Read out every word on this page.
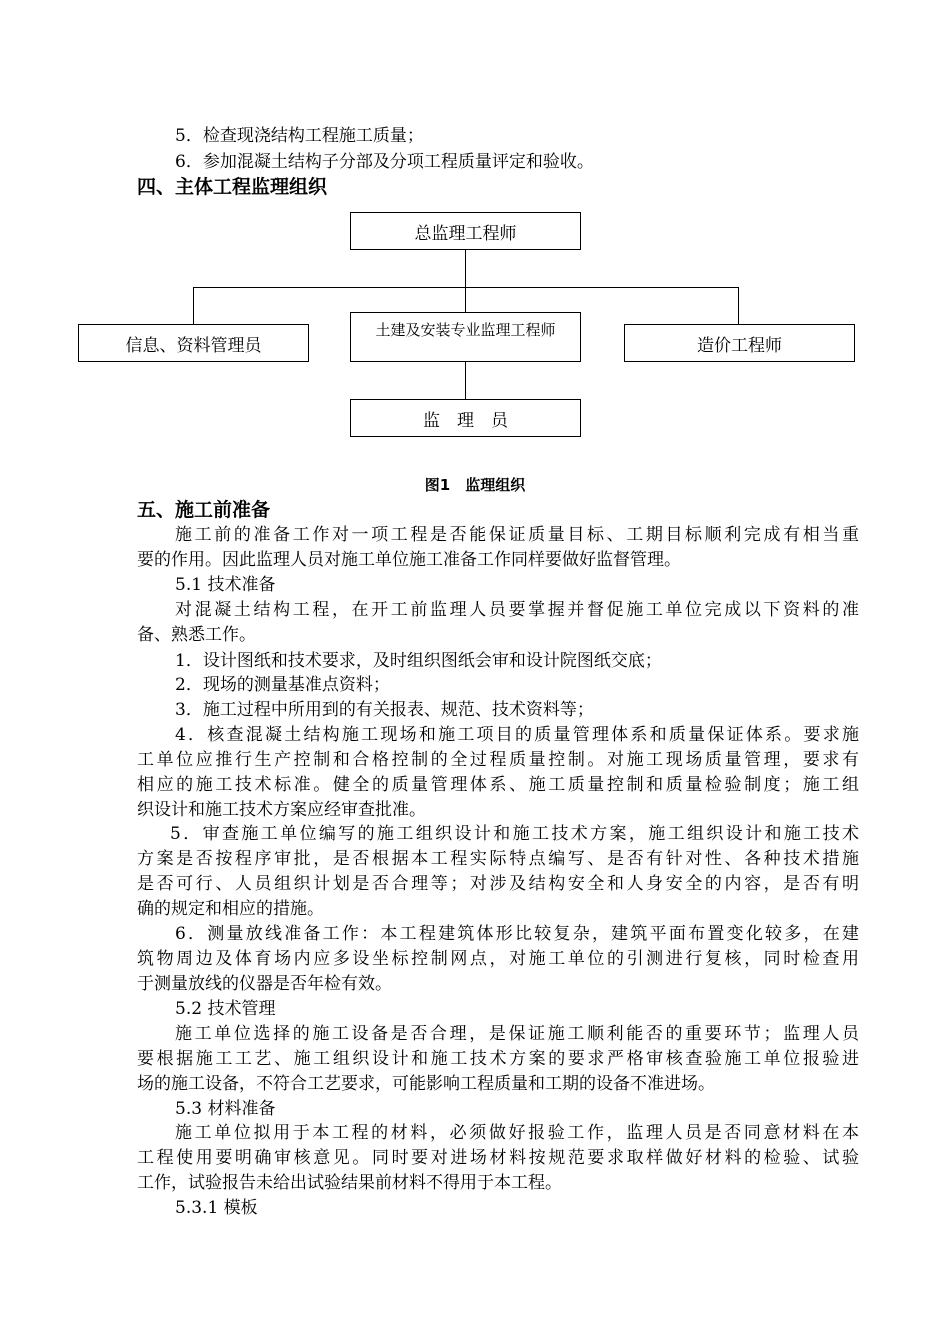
5．检查现浇结构工程施工质量；
6．参加混凝土结构子分部及分项工程质量评定和验收。
四、主体工程监理组织
总监理工程师
信息、资料管理员
土建及安装专业监理工程师
造价工程师
监　理　员
图1　监理组织
五、施工前准备
施工前的准备工作对一项工程是否能保证质量目标、工期目标顺利完成有相当重
要的作用。因此监理人员对施工单位施工准备工作同样要做好监督管理。
5.1 技术准备
对混凝土结构工程，在开工前监理人员要掌握并督促施工单位完成以下资料的准
备、熟悉工作。
1．设计图纸和技术要求，及时组织图纸会审和设计院图纸交底；
2．现场的测量基准点资料；
3．施工过程中所用到的有关报表、规范、技术资料等；
4．核查混凝土结构施工现场和施工项目的质量管理体系和质量保证体系。要求施
工单位应推行生产控制和合格控制的全过程质量控制。对施工现场质量管理，要求有
相应的施工技术标准。健全的质量管理体系、施工质量控制和质量检验制度；施工组
织设计和施工技术方案应经审查批准。
5．审查施工单位编写的施工组织设计和施工技术方案，施工组织设计和施工技术
方案是否按程序审批，是否根据本工程实际特点编写、是否有针对性、各种技术措施
是否可行、人员组织计划是否合理等；对涉及结构安全和人身安全的内容，是否有明
确的规定和相应的措施。
6．测量放线准备工作：本工程建筑体形比较复杂，建筑平面布置变化较多，在建
筑物周边及体育场内应多设坐标控制网点，对施工单位的引测进行复核，同时检查用
于测量放线的仪器是否年检有效。
5.2 技术管理
施工单位选择的施工设备是否合理，是保证施工顺利能否的重要环节；监理人员
要根据施工工艺、施工组织设计和施工技术方案的要求严格审核查验施工单位报验进
场的施工设备，不符合工艺要求，可能影响工程质量和工期的设备不准进场。
5.3 材料准备
施工单位拟用于本工程的材料，必须做好报验工作，监理人员是否同意材料在本
工程使用要明确审核意见。同时要对进场材料按规范要求取样做好材料的检验、试验
工作，试验报告未给出试验结果前材料不得用于本工程。
5.3.1 模板
